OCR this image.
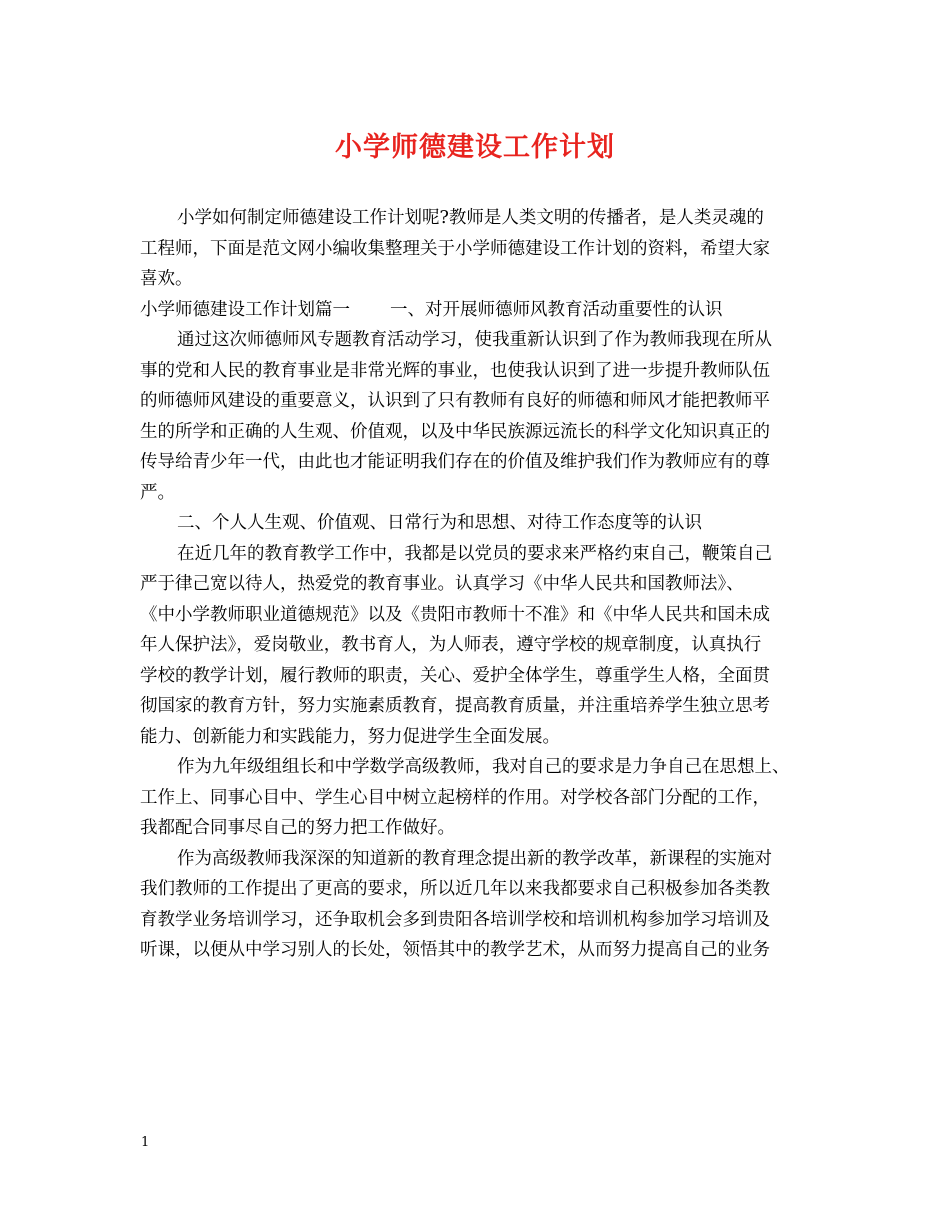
小学师德建设工作计划

小学如何制定师德建设工作计划呢?教师是人类文明的传播者，是人类灵魂的

工程师，下面是范文网小编收集整理关于小学师德建设工作计划的资料，希望大家

喜欢。

小学师德建设工作计划篇一 一、对开展师德师风教育活动重要性的认识

通过这次师德师风专题教育活动学习，使我重新认识到了作为教师我现在所从

事的党和人民的教育事业是非常光辉的事业，也使我认识到了进一步提升教师队伍

的师德师风建设的重要意义，认识到了只有教师有良好的师德和师风才能把教师平

生的所学和正确的人生观、价值观，以及中华民族源远流长的科学文化知识真正的

传导给青少年一代，由此也才能证明我们存在的价值及维护我们作为教师应有的尊

严。

二、个人人生观、价值观、日常行为和思想、对待工作态度等的认识

在近几年的教育教学工作中，我都是以党员的要求来严格约束自己，鞭策自己

严于律己宽以待人，热爱党的教育事业。认真学习《中华人民共和国教师法》、

《中小学教师职业道德规范》以及《贵阳市教师十不准》和《中华人民共和国未成

年人保护法》，爱岗敬业，教书育人，为人师表，遵守学校的规章制度，认真执行

学校的教学计划，履行教师的职责，关心、爱护全体学生，尊重学生人格，全面贯

彻国家的教育方针，努力实施素质教育，提高教育质量，并注重培养学生独立思考

能力、创新能力和实践能力，努力促进学生全面发展。

作为九年级组组长和中学数学高级教师，我对自己的要求是力争自己在思想上、

工作上、同事心目中、学生心目中树立起榜样的作用。对学校各部门分配的工作，

我都配合同事尽自己的努力把工作做好。

作为高级教师我深深的知道新的教育理念提出新的教学改革，新课程的实施对

我们教师的工作提出了更高的要求，所以近几年以来我都要求自己积极参加各类教

育教学业务培训学习，还争取机会多到贵阳各培训学校和培训机构参加学习培训及

听课，以便从中学习别人的长处，领悟其中的教学艺术，从而努力提高自己的业务

1
